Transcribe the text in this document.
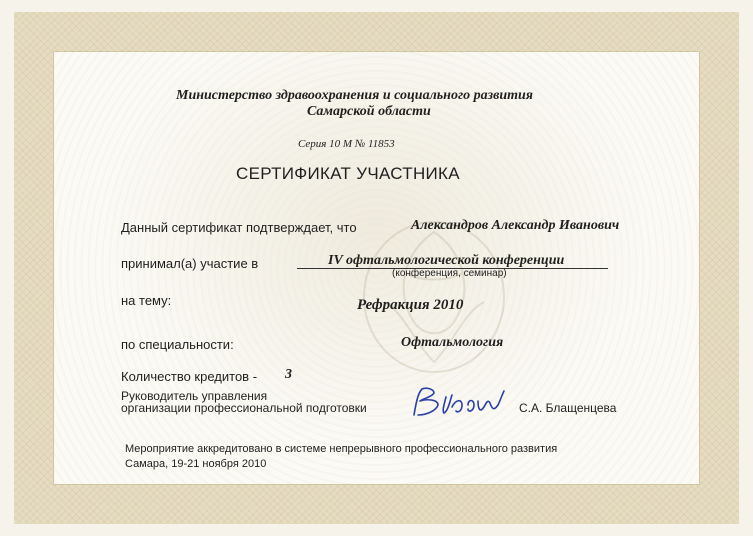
Министерство здравоохранения и социального развития
Самарской области
Серия 10 М № 11853
СЕРТИФИКАТ УЧАСТНИКА
Данный сертификат подтверждает, что	Александров Александр Иванович
принимал(а) участие в	IV офтальмологической конференции
(конференция, семинар)
на тему:	Рефракция 2010
по специальности:	Офтальмология
Количество кредитов - 3
Руководитель управления
организации профессиональной подготовки	С.А. Блащенцева
Мероприятие аккредитовано в системе непрерывного профессионального развития
Самара, 19-21 ноября 2010
